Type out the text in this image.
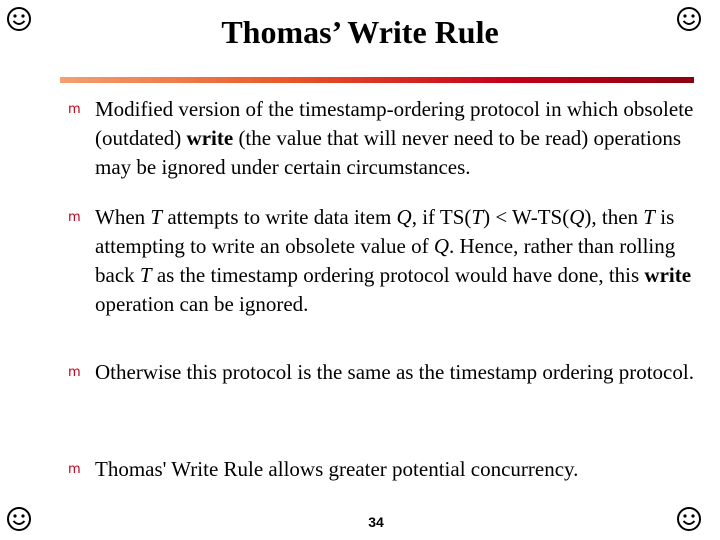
Thomas’ Write Rule
m Modified version of the timestamp-ordering protocol in which obsolete (outdated) write (the value that will never need to be read) operations may be ignored under certain circumstances.
m When T attempts to write data item Q, if TS(T) < W-TS(Q), then T is attempting to write an obsolete value of Q. Hence, rather than rolling back T as the timestamp ordering protocol would have done, this write operation can be ignored.
m Otherwise this protocol is the same as the timestamp ordering protocol.
m Thomas' Write Rule allows greater potential concurrency.
34
